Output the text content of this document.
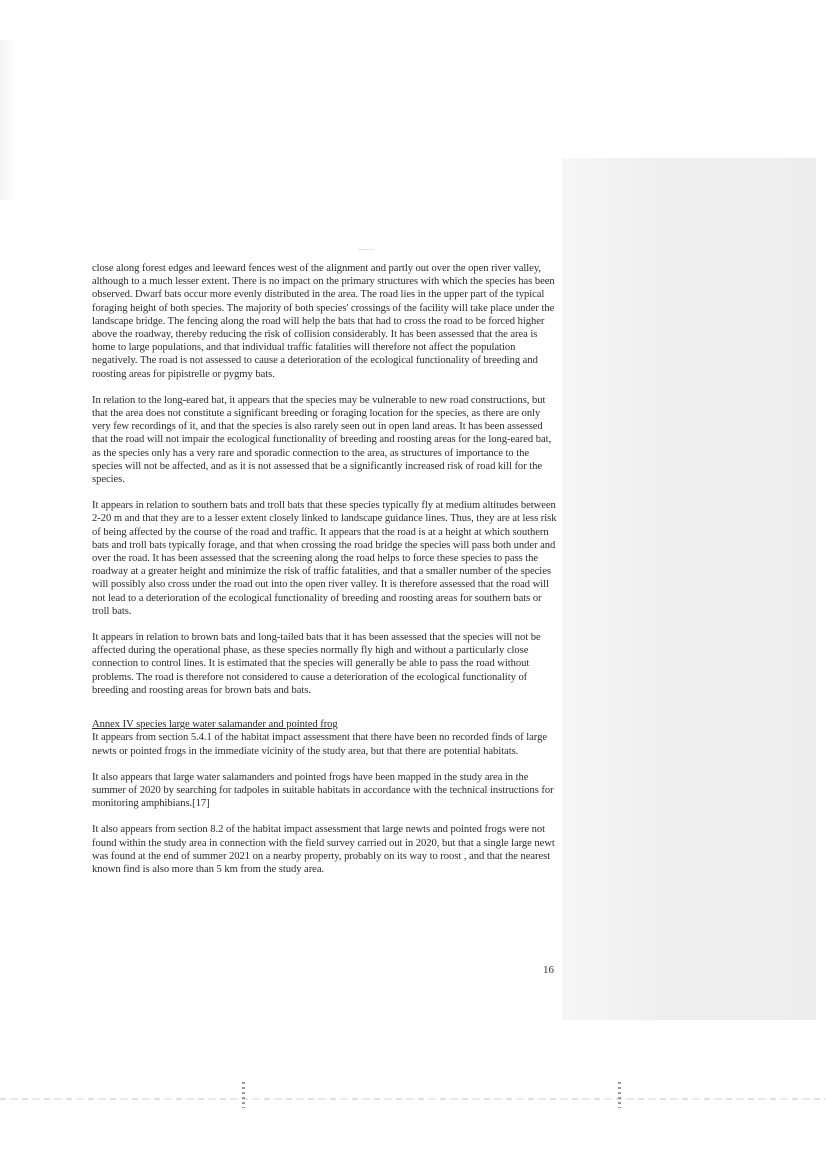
close along forest edges and leeward fences west of the alignment and partly out over the open river valley, although to a much lesser extent. There is no impact on the primary structures with which the species has been observed. Dwarf bats occur more evenly distributed in the area. The road lies in the upper part of the typical foraging height of both species. The majority of both species' crossings of the facility will take place under the landscape bridge. The fencing along the road will help the bats that had to cross the road to be forced higher above the roadway, thereby reducing the risk of collision considerably. It has been assessed that the area is home to large populations, and that individual traffic fatalities will therefore not affect the population negatively. The road is not assessed to cause a deterioration of the ecological functionality of breeding and roosting areas for pipistrelle or pygmy bats.

In relation to the long-eared bat, it appears that the species may be vulnerable to new road constructions, but that the area does not constitute a significant breeding or foraging location for the species, as there are only very few recordings of it, and that the species is also rarely seen out in open land areas. It has been assessed that the road will not impair the ecological functionality of breeding and roosting areas for the long-eared bat, as the species only has a very rare and sporadic connection to the area, as structures of importance to the species will not be affected, and as it is not assessed that be a significantly increased risk of road kill for the species.

It appears in relation to southern bats and troll bats that these species typically fly at medium altitudes between 2-20 m and that they are to a lesser extent closely linked to landscape guidance lines. Thus, they are at less risk of being affected by the course of the road and traffic. It appears that the road is at a height at which southern bats and troll bats typically forage, and that when crossing the road bridge the species will pass both under and over the road. It has been assessed that the screening along the road helps to force these species to pass the roadway at a greater height and minimize the risk of traffic fatalities, and that a smaller number of the species will possibly also cross under the road out into the open river valley. It is therefore assessed that the road will not lead to a deterioration of the ecological functionality of breeding and roosting areas for southern bats or troll bats.

It appears in relation to brown bats and long-tailed bats that it has been assessed that the species will not be affected during the operational phase, as these species normally fly high and without a particularly close connection to control lines. It is estimated that the species will generally be able to pass the road without problems. The road is therefore not considered to cause a deterioration of the ecological functionality of breeding and roosting areas for brown bats and bats.

Annex IV species large water salamander and pointed frog

It appears from section 5.4.1 of the habitat impact assessment that there have been no recorded finds of large newts or pointed frogs in the immediate vicinity of the study area, but that there are potential habitats.

It also appears that large water salamanders and pointed frogs have been mapped in the study area in the summer of 2020 by searching for tadpoles in suitable habitats in accordance with the technical instructions for monitoring amphibians.[17]

It also appears from section 8.2 of the habitat impact assessment that large newts and pointed frogs were not found within the study area in connection with the field survey carried out in 2020, but that a single large newt was found at the end of summer 2021 on a nearby property, probably on its way to roost , and that the nearest known find is also more than 5 km from the study area.

16
